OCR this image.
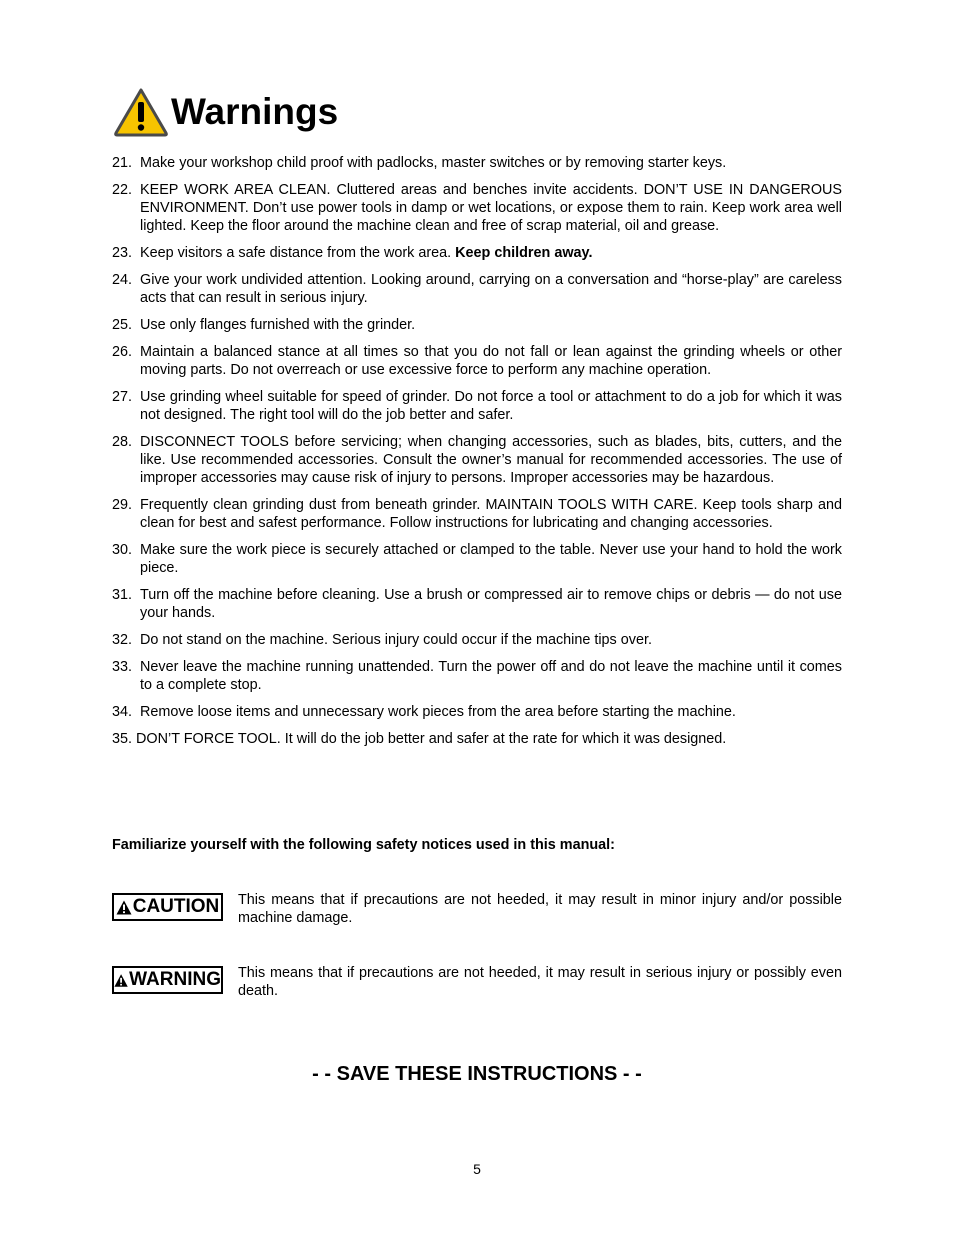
Warnings
21. Make your workshop child proof with padlocks, master switches or by removing starter keys.
22. KEEP WORK AREA CLEAN. Cluttered areas and benches invite accidents. DON’T USE IN DANGEROUS ENVIRONMENT. Don’t use power tools in damp or wet locations, or expose them to rain. Keep work area well lighted. Keep the floor around the machine clean and free of scrap material, oil and grease.
23. Keep visitors a safe distance from the work area. Keep children away.
24. Give your work undivided attention. Looking around, carrying on a conversation and “horse-play” are careless acts that can result in serious injury.
25. Use only flanges furnished with the grinder.
26. Maintain a balanced stance at all times so that you do not fall or lean against the grinding wheels or other moving parts. Do not overreach or use excessive force to perform any machine operation.
27. Use grinding wheel suitable for speed of grinder. Do not force a tool or attachment to do a job for which it was not designed. The right tool will do the job better and safer.
28. DISCONNECT TOOLS before servicing; when changing accessories, such as blades, bits, cutters, and the like. Use recommended accessories. Consult the owner’s manual for recommended accessories. The use of improper accessories may cause risk of injury to persons. Improper accessories may be hazardous.
29. Frequently clean grinding dust from beneath grinder. MAINTAIN TOOLS WITH CARE. Keep tools sharp and clean for best and safest performance. Follow instructions for lubricating and changing accessories.
30. Make sure the work piece is securely attached or clamped to the table. Never use your hand to hold the work piece.
31. Turn off the machine before cleaning. Use a brush or compressed air to remove chips or debris — do not use your hands.
32. Do not stand on the machine. Serious injury could occur if the machine tips over.
33. Never leave the machine running unattended. Turn the power off and do not leave the machine until it comes to a complete stop.
34. Remove loose items and unnecessary work pieces from the area before starting the machine.
35. DON’T FORCE TOOL. It will do the job better and safer at the rate for which it was designed.
Familiarize yourself with the following safety notices used in this manual:
CAUTION This means that if precautions are not heeded, it may result in minor injury and/or possible machine damage.
WARNING This means that if precautions are not heeded, it may result in serious injury or possibly even death.
- - SAVE THESE INSTRUCTIONS - -
5
